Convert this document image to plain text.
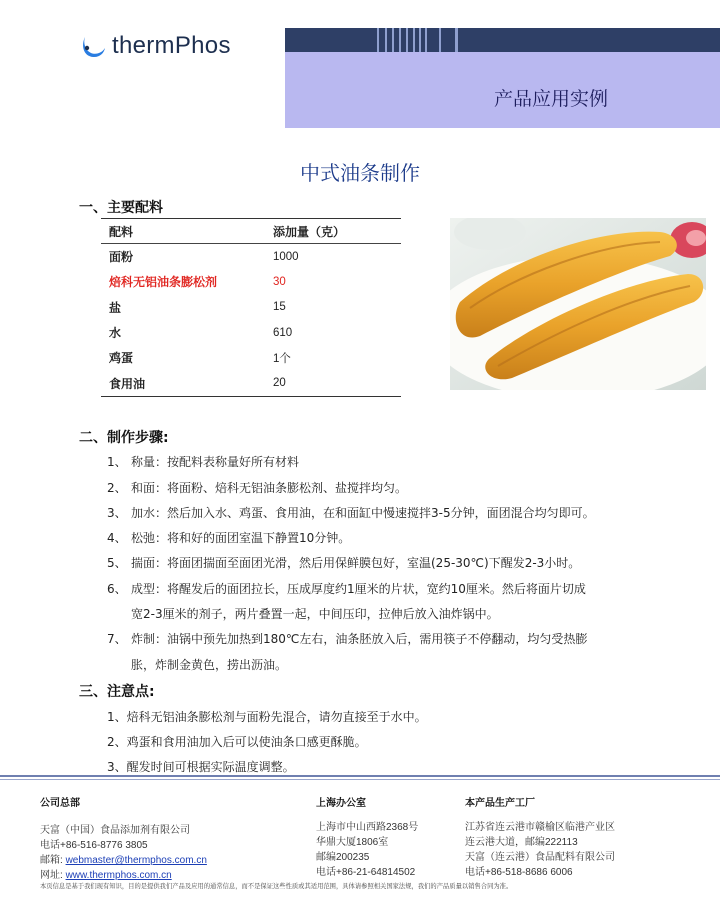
thermPhos
产品应用实例
中式油条制作
一、主要配料
配料	添加量（克）
面粉	1000
焙科无铝油条膨松剂	30
盐	15
水	610
鸡蛋	1个
食用油	20
二、制作步骤:
1、 称量：按配料表称量好所有材料
2、 和面：将面粉、焙科无铝油条膨松剂、盐搅拌均匀。
3、 加水：然后加入水、鸡蛋、食用油，在和面缸中慢速搅拌3-5分钟，面团混合均匀即可。
4、 松弛：将和好的面团室温下静置10分钟。
5、 揣面：将面团揣面至面团光滑，然后用保鲜膜包好，室温(25-30℃)下醒发2-3小时。
6、 成型：将醒发后的面团拉长，压成厚度约1厘米的片状，宽约10厘米。然后将面片切成
宽2-3厘米的剂子，两片叠置一起，中间压印，拉伸后放入油炸锅中。
7、 炸制：油锅中预先加热到180℃左右，油条胚放入后，需用筷子不停翻动，均匀受热膨
胀，炸制金黄色，捞出沥油。
三、注意点:
1、焙科无铝油条膨松剂与面粉先混合，请勿直接至于水中。
2、鸡蛋和食用油加入后可以使油条口感更酥脆。
3、醒发时间可根据实际温度调整。
公司总部
天富（中国）食品添加剂有限公司
电话+86-516-8776 3805
邮箱: webmaster@thermphos.com.cn
网址: www.thermphos.com.cn
上海办公室
上海市中山西路2368号
华鼎大厦1806室
邮编200235
电话+86-21-64814502
本产品生产工厂
江苏省连云港市赣榆区临港产业区
连云港大道，邮编222113
天富（连云港）食品配料有限公司
电话+86-518-8686 6006
本页信息是基于我们现有知识，目的是提供我们产品及应用的通常信息，而不是保证这些性质或其适用范围，具体请参照相关国家法规，我们的产品质量以销售合同为准。
